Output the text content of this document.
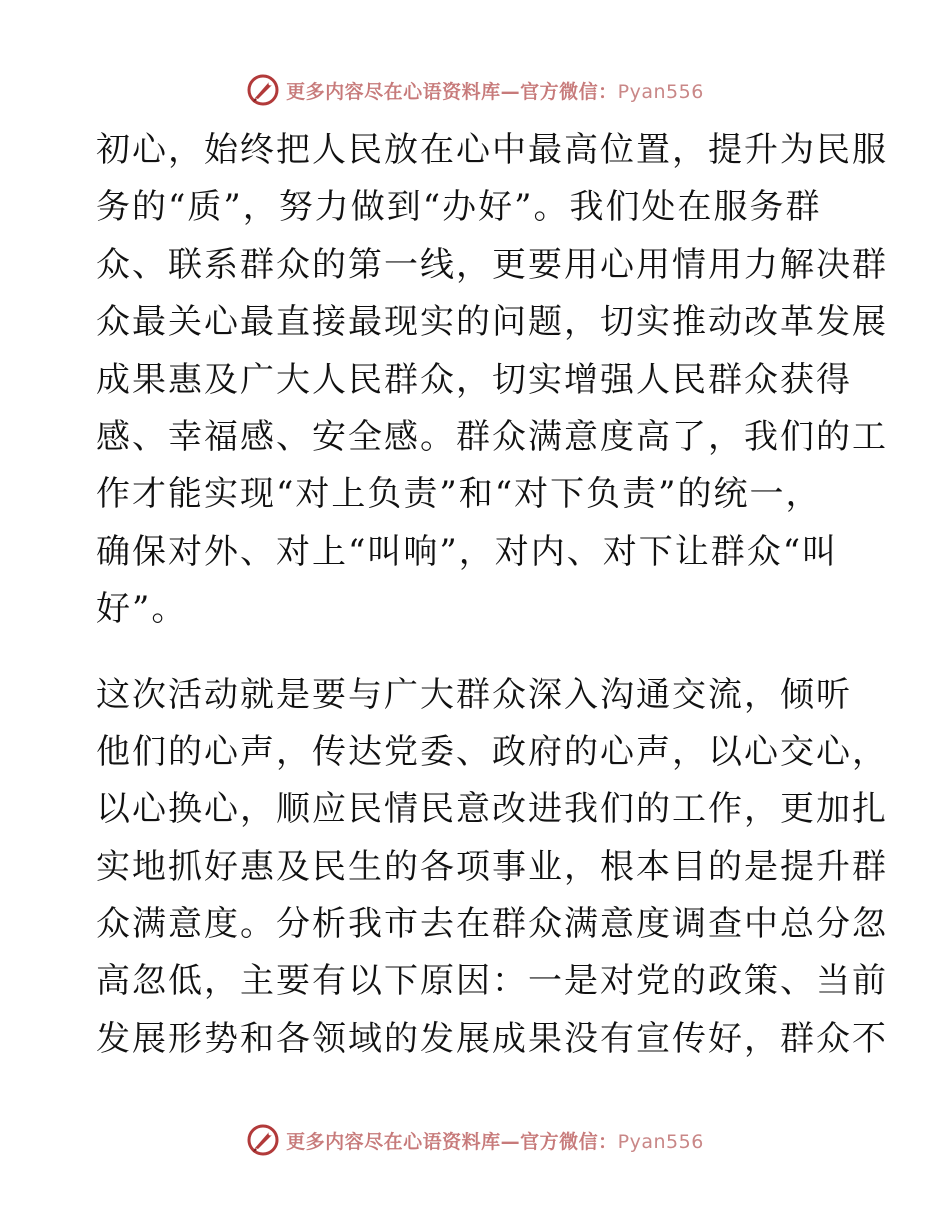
更多内容尽在心语资料库—官方微信：Pyan556
初心，始终把人民放在心中最高位置，提升为民服
务的“质”，努力做到“办好”。我们处在服务群
众、联系群众的第一线，更要用心用情用力解决群
众最关心最直接最现实的问题，切实推动改革发展
成果惠及广大人民群众，切实增强人民群众获得
感、幸福感、安全感。群众满意度高了，我们的工
作才能实现“对上负责”和“对下负责”的统一，
确保对外、对上“叫响”，对内、对下让群众“叫
好”。
这次活动就是要与广大群众深入沟通交流，倾听
他们的心声，传达党委、政府的心声，以心交心，
以心换心，顺应民情民意改进我们的工作，更加扎
实地抓好惠及民生的各项事业，根本目的是提升群
众满意度。分析我市去在群众满意度调查中总分忽
高忽低，主要有以下原因：一是对党的政策、当前
发展形势和各领域的发展成果没有宣传好，群众不
更多内容尽在心语资料库—官方微信：Pyan556
